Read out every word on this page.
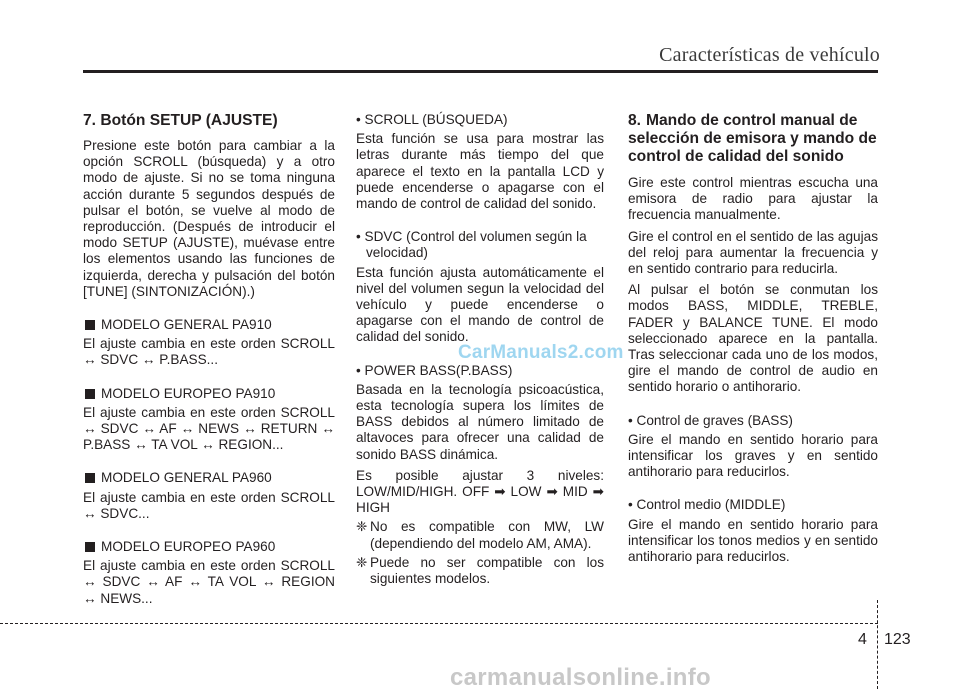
Características de vehículo
7. Botón SETUP (AJUSTE)
Presione este botón para cambiar a la opción SCROLL (búsqueda) y a otro modo de ajuste. Si no se toma ninguna acción durante 5 segundos después de pulsar el botón, se vuelve al modo de reproducción. (Después de introducir el modo SETUP (AJUSTE), muévase entre los elementos usando las funciones de izquierda, derecha y pulsación del botón [TUNE] (SINTONIZACIÓN).)
MODELO GENERAL PA910
El ajuste cambia en este orden SCROLL ↔ SDVC ↔ P.BASS...
MODELO EUROPEO PA910
El ajuste cambia en este orden SCROLL ↔ SDVC ↔ AF ↔ NEWS ↔ RETURN ↔ P.BASS ↔ TA VOL ↔ REGION...
MODELO GENERAL PA960
El ajuste cambia en este orden SCROLL ↔ SDVC...
MODELO EUROPEO PA960
El ajuste cambia en este orden SCROLL ↔ SDVC ↔ AF ↔ TA VOL ↔ REGION ↔ NEWS...
• SCROLL (BÚSQUEDA)
Esta función se usa para mostrar las letras durante más tiempo del que aparece el texto en la pantalla LCD y puede encenderse o apagarse con el mando de control de calidad del sonido.
• SDVC (Control del volumen según la velocidad)
Esta función ajusta automáticamente el nivel del volumen segun la velocidad del vehículo y puede encenderse o apagarse con el mando de control de calidad del sonido.
• POWER BASS(P.BASS)
Basada en la tecnología psicoacústica, esta tecnología supera los límites de BASS debidos al número limitado de altavoces para ofrecer una calidad de sonido BASS dinámica.
Es posible ajustar 3 niveles: LOW/MID/HIGH. OFF ➡ LOW ➡ MID ➡ HIGH
❈ No es compatible con MW, LW (dependiendo del modelo AM, AMA).
❈ Puede no ser compatible con los siguientes modelos.
CarManuals2.com
8. Mando de control manual de selección de emisora y mando de control de calidad del sonido
Gire este control mientras escucha una emisora de radio para ajustar la frecuencia manualmente.
Gire el control en el sentido de las agujas del reloj para aumentar la frecuencia y en sentido contrario para reducirla.
Al pulsar el botón se conmutan los modos BASS, MIDDLE, TREBLE, FADER y BALANCE TUNE. El modo seleccionado aparece en la pantalla. Tras seleccionar cada uno de los modos, gire el mando de control de audio en sentido horario o antihorario.
• Control de graves (BASS)
Gire el mando en sentido horario para intensificar los graves y en sentido antihorario para reducirlos.
• Control medio (MIDDLE)
Gire el mando en sentido horario para intensificar los tonos medios y en sentido antihorario para reducirlos.
4 123
carmanualsonline.info
